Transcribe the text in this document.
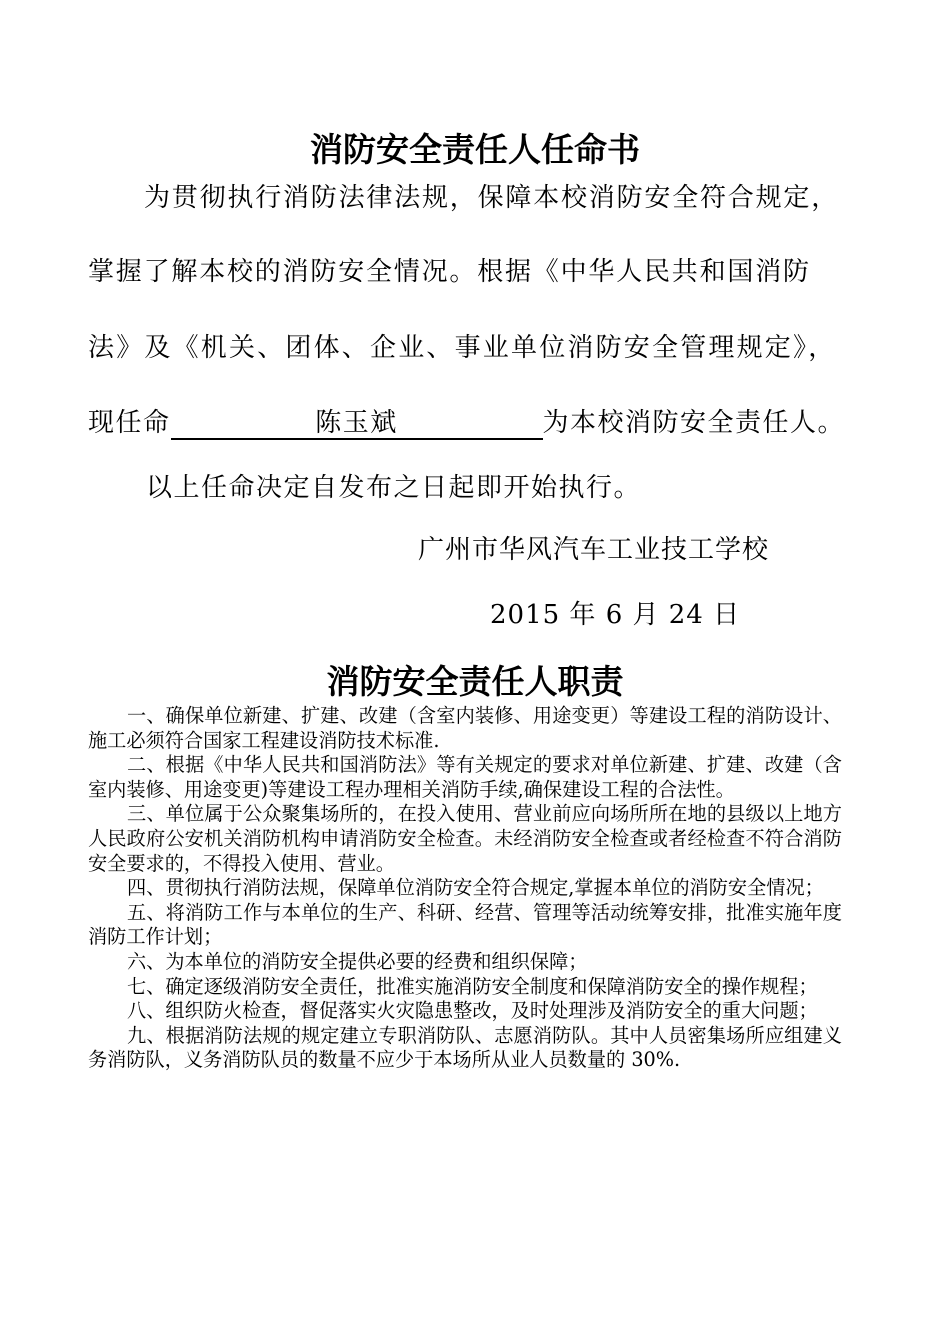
消防安全责任人任命书
为贯彻执行消防法律法规，保障本校消防安全符合规定，
掌握了解本校的消防安全情况。根据《中华人民共和国消防
法》及《机关、团体、企业、事业单位消防安全管理规定》，
现任命	陈玉斌	为本校消防安全责任人。
以上任命决定自发布之日起即开始执行。
广州市华风汽车工业技工学校
2015 年 6 月 24 日
消防安全责任人职责

一、确保单位新建、扩建、改建（含室内装修、用途变更）等建设工程的消防设计、施工必须符合国家工程建设消防技术标准.

二、根据《中华人民共和国消防法》等有关规定的要求对单位新建、扩建、改建（含室内装修、用途变更)等建设工程办理相关消防手续,确保建设工程的合法性。

三、单位属于公众聚集场所的，在投入使用、营业前应向场所所在地的县级以上地方人民政府公安机关消防机构申请消防安全检查。未经消防安全检查或者经检查不符合消防安全要求的，不得投入使用、营业。

四、贯彻执行消防法规，保障单位消防安全符合规定,掌握本单位的消防安全情况；

五、将消防工作与本单位的生产、科研、经营、管理等活动统筹安排，批准实施年度消防工作计划；

六、为本单位的消防安全提供必要的经费和组织保障；

七、确定逐级消防安全责任，批准实施消防安全制度和保障消防安全的操作规程；

八、组织防火检查，督促落实火灾隐患整改，及时处理涉及消防安全的重大问题；

九、根据消防法规的规定建立专职消防队、志愿消防队。其中人员密集场所应组建义务消防队，义务消防队员的数量不应少于本场所从业人员数量的 30%.
